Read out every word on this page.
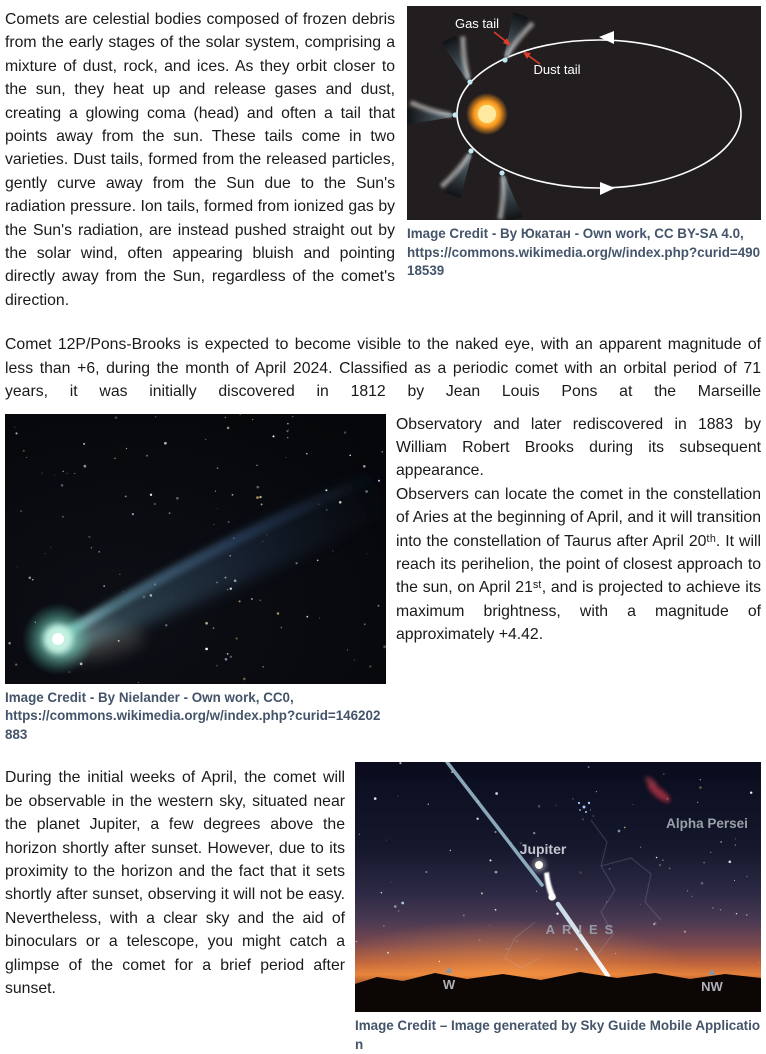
Gas tail
Dust tail
Image Credit - By Юкатан - Own work, CC BY-SA 4.0,
https://commons.wikimedia.org/w/index.php?curid=49018539

Comets are celestial bodies composed of frozen debris from the early stages of the solar system, comprising a mixture of dust, rock, and ices. As they orbit closer to the sun, they heat up and release gases and dust, creating a glowing coma (head) and often a tail that points away from the sun. These tails come in two varieties. Dust tails, formed from the released particles, gently curve away from the Sun due to the Sun's radiation pressure. Ion tails, formed from ionized gas by the Sun's radiation, are instead pushed straight out by the solar wind, often appearing bluish and pointing directly away from the Sun, regardless of the comet's direction.

Comet 12P/Pons-Brooks is expected to become visible to the naked eye, with an apparent magnitude of less than +6, during the month of April 2024. Classified as a periodic comet with an orbital period of 71 years, it was initially discovered in 1812 by Jean Louis Pons at the Marseille

Image Credit - By Nielander - Own work, CC0,
https://commons.wikimedia.org/w/index.php?curid=146202883

Observatory and later rediscovered in 1883 by William Robert Brooks during its subsequent appearance.

Observers can locate the comet in the constellation of Aries at the beginning of April, and it will transition into the constellation of Taurus after April 20ᵗʰ. It will reach its perihelion, the point of closest approach to the sun, on April 21ˢᵗ, and is projected to achieve its maximum brightness, with a magnitude of approximately +4.42.

Jupiter
Alpha Persei
ARIES
W	NW
Image Credit – Image generated by Sky Guide Mobile Application

During the initial weeks of April, the comet will be observable in the western sky, situated near the planet Jupiter, a few degrees above the horizon shortly after sunset. However, due to its proximity to the horizon and the fact that it sets shortly after sunset, observing it will not be easy. Nevertheless, with a clear sky and the aid of binoculars or a telescope, you might catch a glimpse of the comet for a brief period after sunset.
